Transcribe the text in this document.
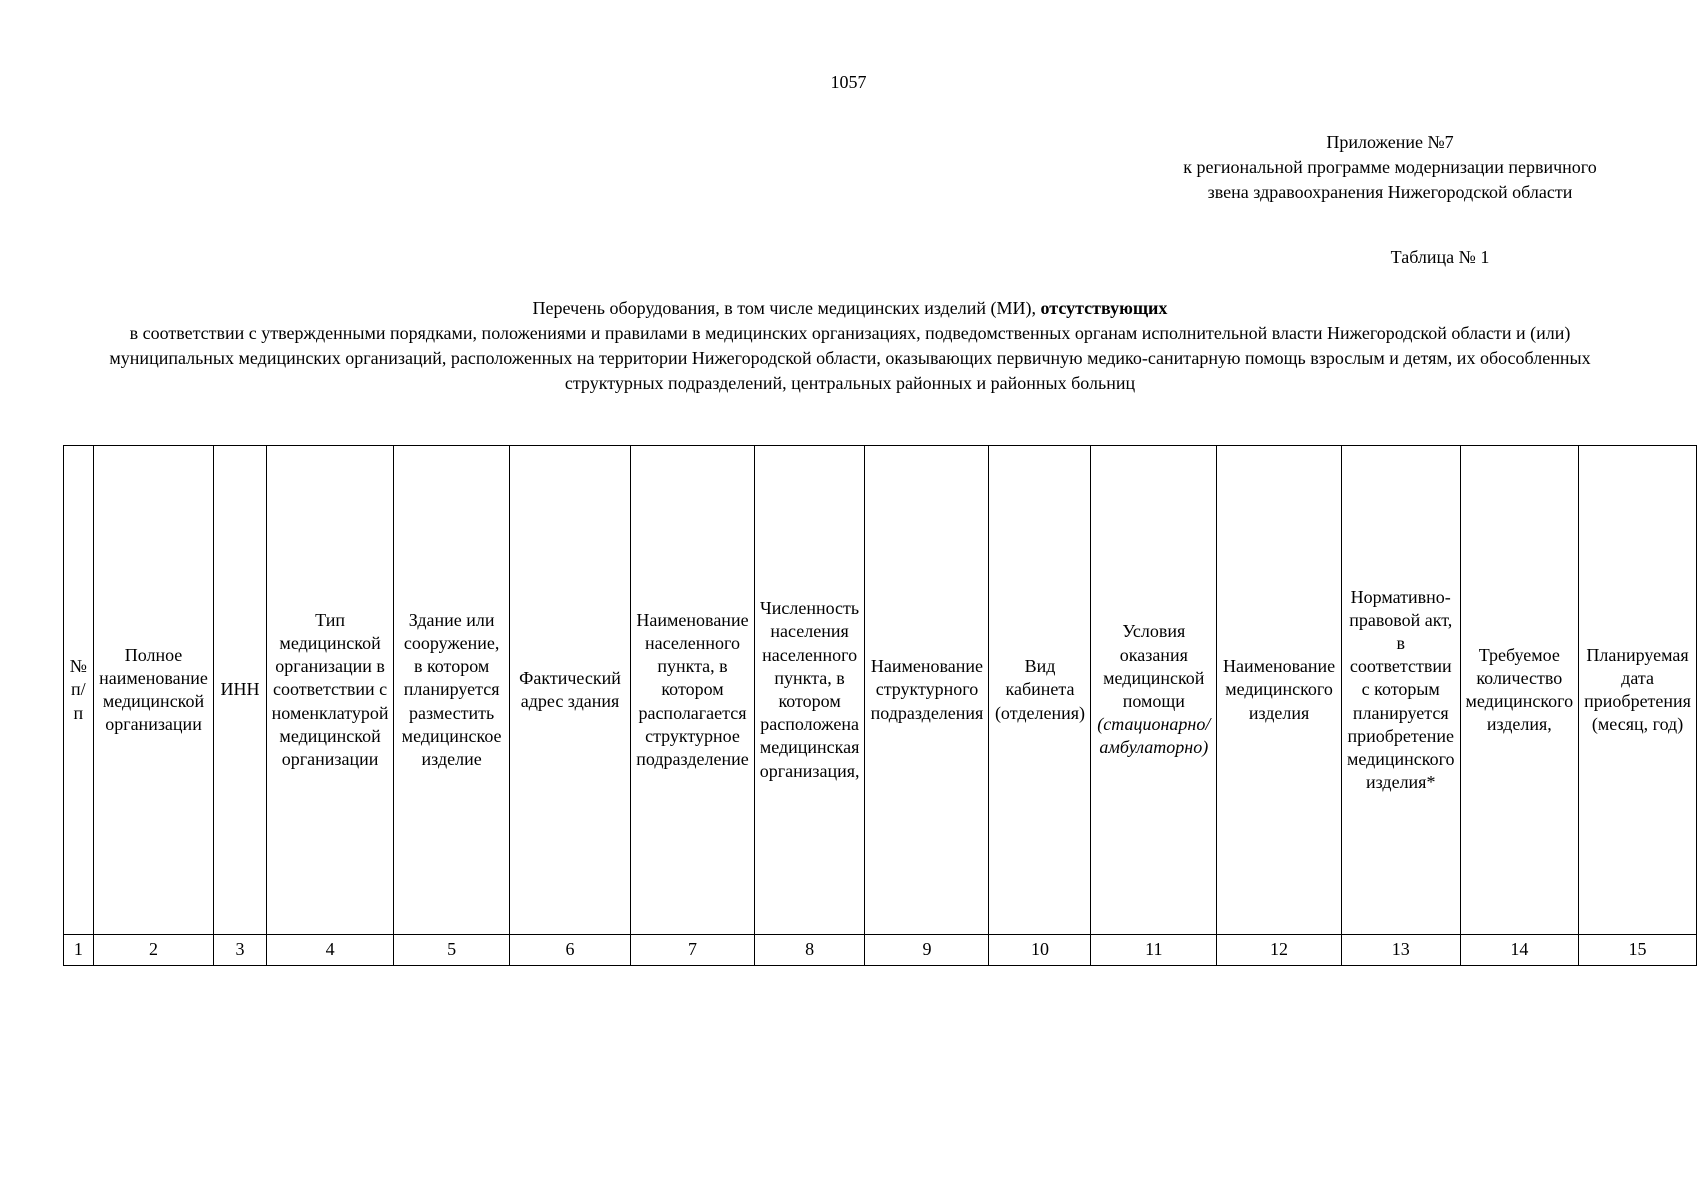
1057
Приложение №7
к региональной программе модернизации первичного
звена здравоохранения Нижегородской области
Таблица № 1
Перечень оборудования, в том числе медицинских изделий (МИ), отсутствующих
в соответствии с утвержденными порядками, положениями и правилами в медицинских организациях, подведомственных органам исполнительной власти Нижегородской области и (или) муниципальных медицинских организаций, расположенных на территории Нижегородской области, оказывающих первичную медико-санитарную помощь взрослым и детям, их обособленных структурных подразделений, центральных районных и районных больниц
№ п/п	Полное наименование медицинской организации	ИНН	Тип медицинской организации в соответствии с номенклатурой медицинской организации	Здание или сооружение, в котором планируется разместить медицинское изделие	Фактический адрес здания	Наименование населенного пункта, в котором располагается структурное подразделение	Численность населения населенного пункта, в котором расположена медицинская организация,	Наименование структурного подразделения	Вид кабинета (отделения)	Условия оказания медицинской помощи (стационарно/амбулаторно)	Наименование медицинского изделия	Нормативно-правовой акт, в соответствии с которым планируется приобретение медицинского изделия*	Требуемое количество медицинского изделия,	Планируемая дата приобретения (месяц, год)
1	2	3	4	5	6	7	8	9	10	11	12	13	14	15
